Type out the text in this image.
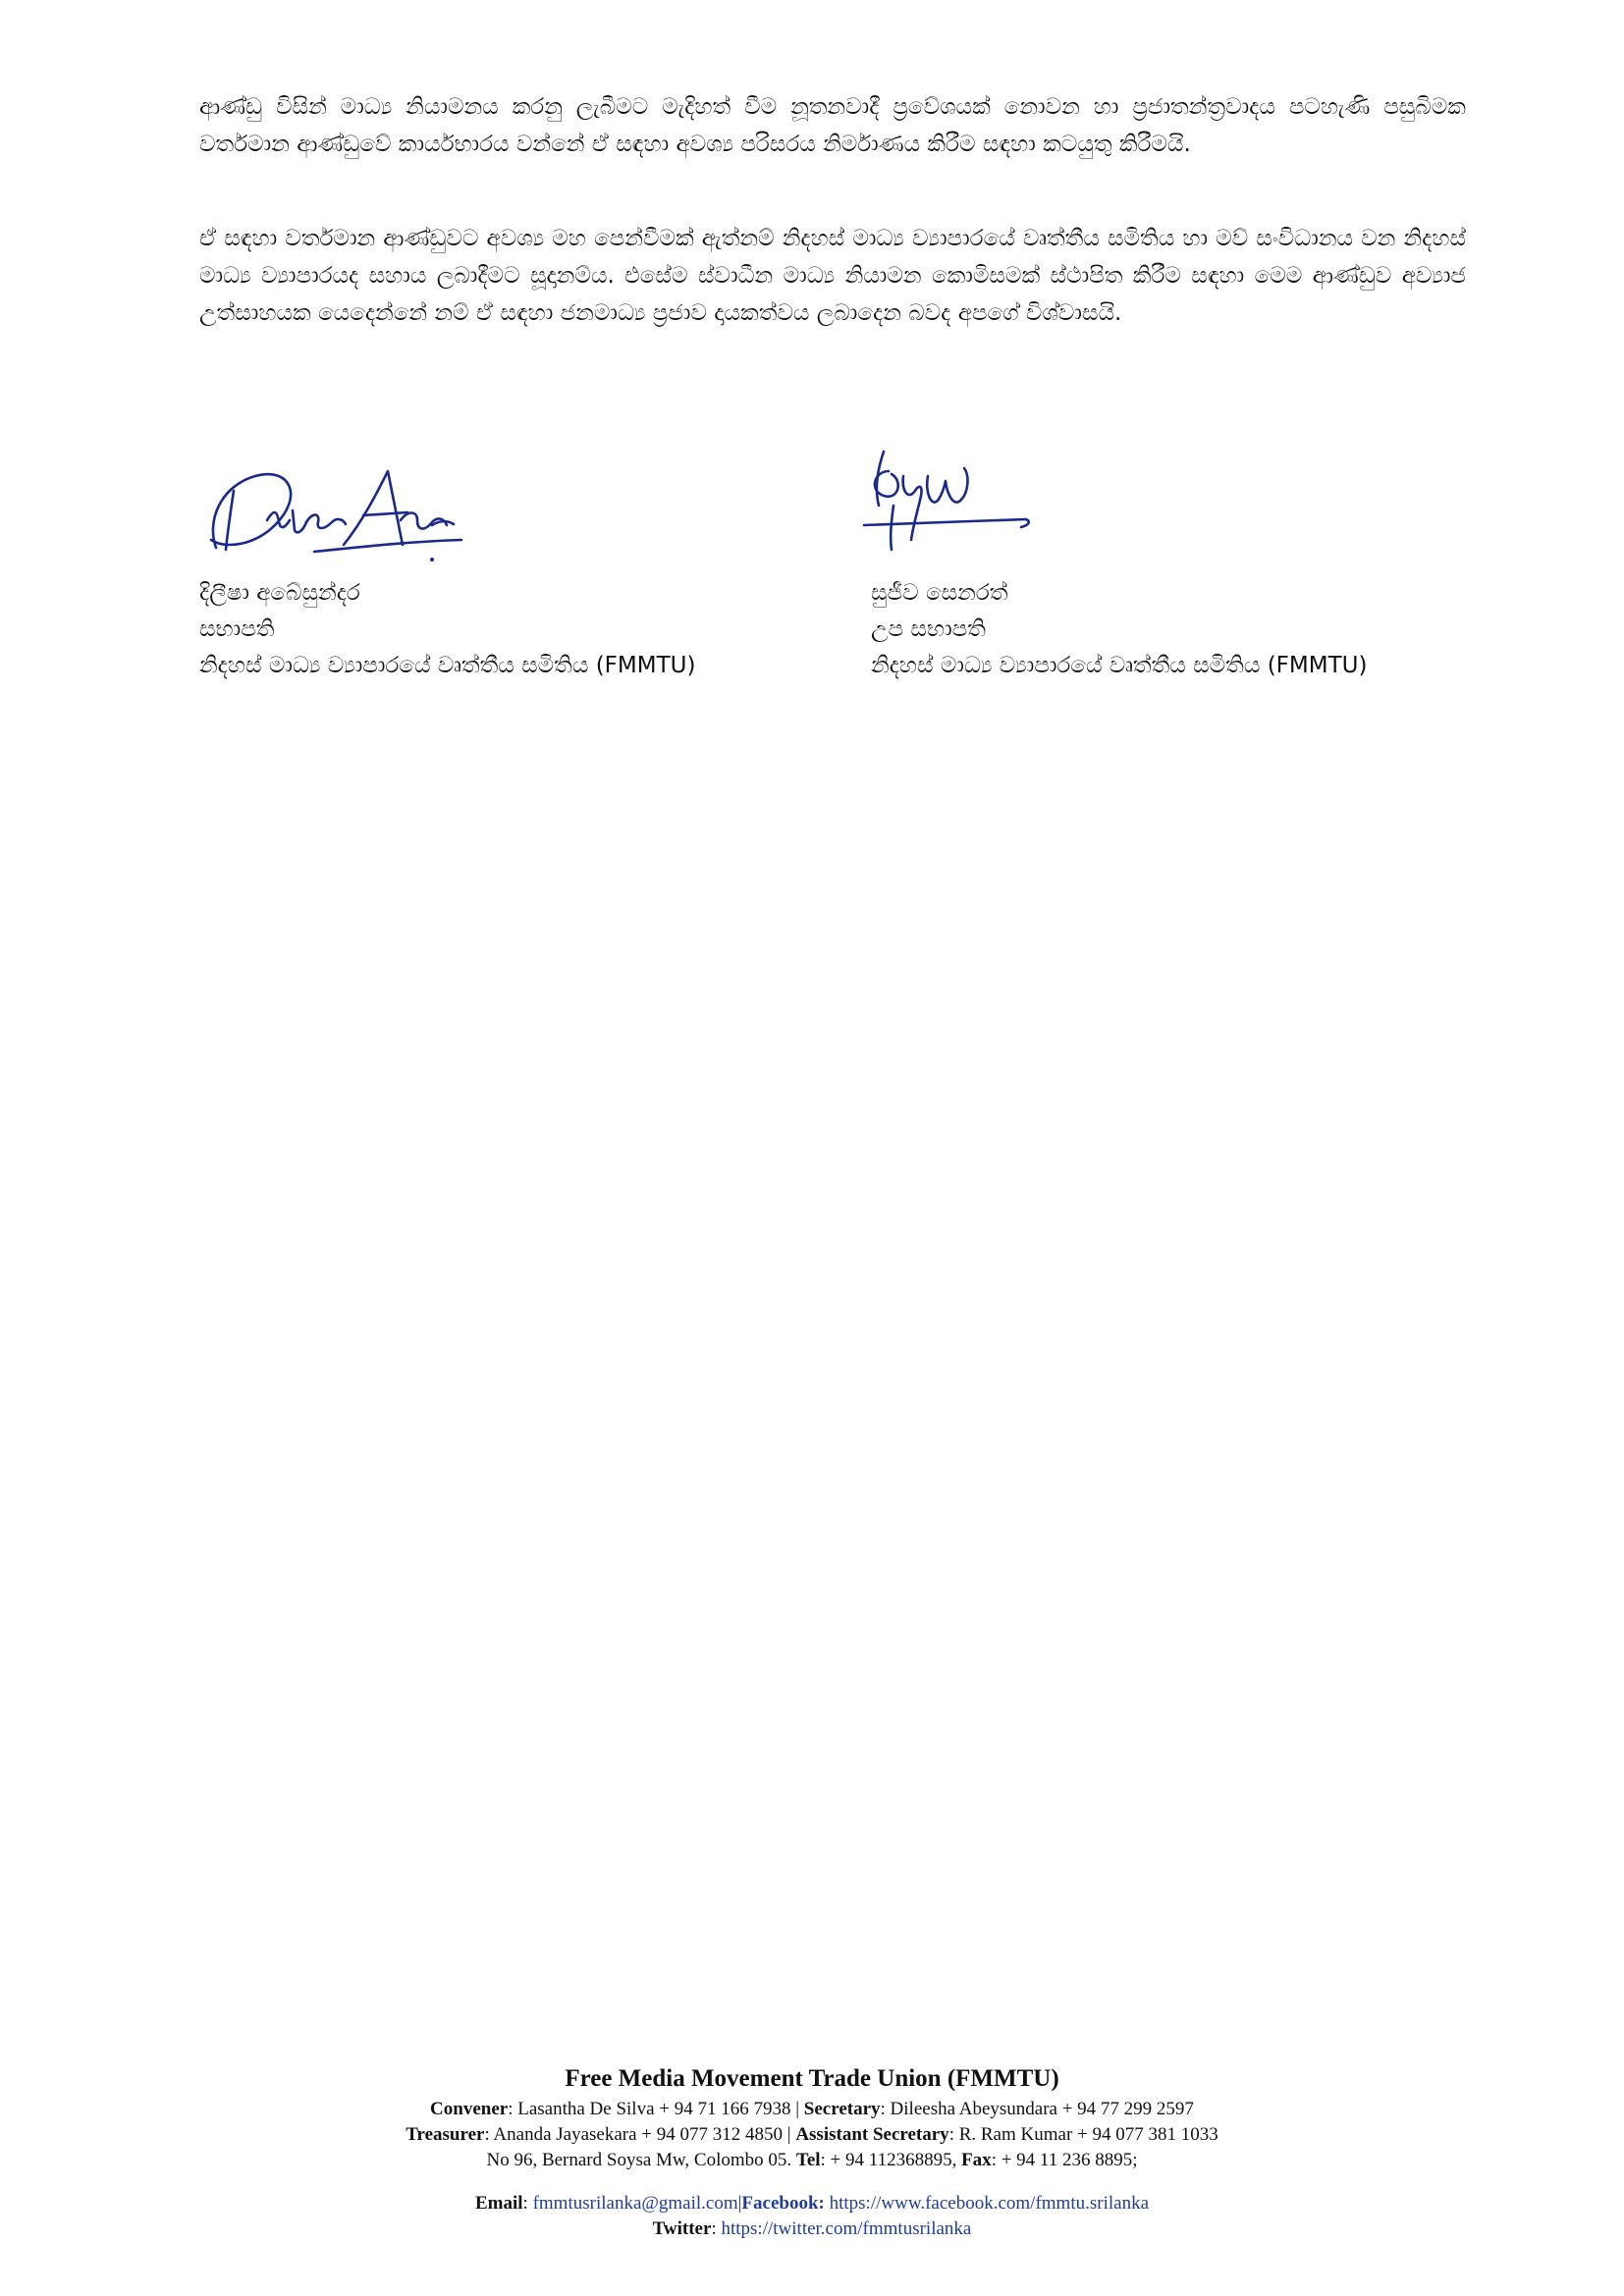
ආණ්ඩු විසින් මාධ්‍ය නියාමනය කරනු ලැබීමට මැදිහත් වීම නූතනවාදී ප්‍රවේශයක් නොවන හා ප්‍රජාතන්ත්‍රවාදය පටහැණි පසුබිමක වර්තමාන ආණ්ඩුවේ කාර්යභාරය වන්නේ ඒ සඳහා අවශ්‍ය පරිසරය නිර්මාණය කිරීම සඳහා කටයුතු කිරීමයි.

ඒ සඳහා වර්තමාන ආණ්ඩුවට අවශ්‍ය මහ පෙන්වීමක් ඇත්නම් නිදහස් මාධ්‍ය ව්‍යාපාරයේ වෘත්තීය සමිතිය හා මව් සංවිධානය වන නිදහස් මාධ්‍ය ව්‍යාපාරයද සහාය ලබාදීමට සූදානම්ය. එසේම ස්වාධීන මාධ්‍ය නියාමන කොමිසමක් ස්ථාපිත කිරීම සඳහා මෙම ආණ්ඩුව අව්‍යාජ උත්සාහයක යෙදෙන්නේ නම් ඒ සඳහා ජනමාධ්‍ය ප්‍රජාව දායකත්වය ලබාදෙන බවද අපගේ විශ්වාසයි.

දිලීෂා අබේසුන්දර
සභාපති
නිදහස් මාධ්‍ය ව්‍යාපාරයේ වෘත්තීය සමිතිය (FMMTU)
සුජීව සෙනරත්
උප සභාපති
නිදහස් මාධ්‍ය ව්‍යාපාරයේ වෘත්තීය සමිතිය (FMMTU)
Free Media Movement Trade Union (FMMTU)
Convener: Lasantha De Silva + 94 71 166 7938 | Secretary: Dileesha Abeysundara + 94 77 299 2597
Treasurer: Ananda Jayasekara + 94 077 312 4850 | Assistant Secretary: R. Ram Kumar + 94 077 381 1033
No 96, Bernard Soysa Mw, Colombo 05. Tel: + 94 112368895, Fax: + 94 11 236 8895;
Email: fmmtusrilanka@gmail.com|Facebook: https://www.facebook.com/fmmtu.srilanka
Twitter: https://twitter.com/fmmtusrilanka
